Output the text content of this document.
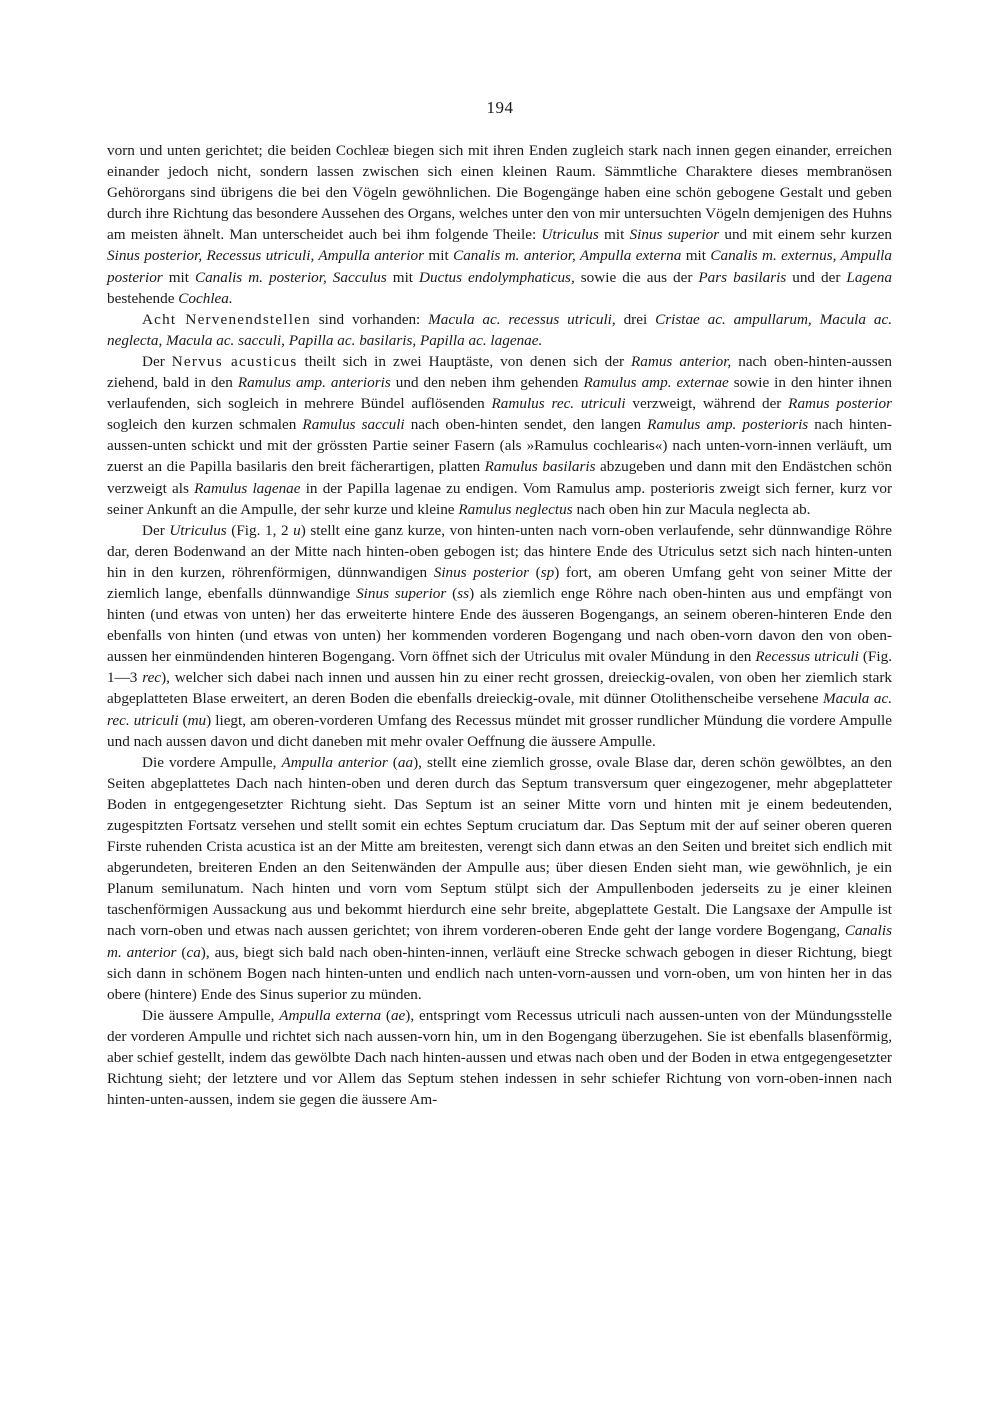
194

vorn und unten gerichtet; die beiden Cochleæ biegen sich mit ihren Enden zugleich stark nach innen gegen einander, erreichen einander jedoch nicht, sondern lassen zwischen sich einen kleinen Raum. Sämmtliche Charaktere dieses membranösen Gehörorgans sind übrigens die bei den Vögeln gewöhnlichen. Die Bogengänge haben eine schön gebogene Gestalt und geben durch ihre Richtung das besondere Aussehen des Organs, welches unter den von mir untersuchten Vögeln demjenigen des Huhns am meisten ähnelt. Man unterscheidet auch bei ihm folgende Theile: Utriculus mit Sinus superior und mit einem sehr kurzen Sinus posterior, Recessus utriculi, Ampulla anterior mit Canalis m. anterior, Ampulla externa mit Canalis m. externus, Ampulla posterior mit Canalis m. posterior, Sacculus mit Ductus endolymphaticus, sowie die aus der Pars basilaris und der Lagena bestehende Cochlea.

Acht Nervenendstellen sind vorhanden: Macula ac. recessus utriculi, drei Cristae ac. ampullarum, Macula ac. neglecta, Macula ac. sacculi, Papilla ac. basilaris, Papilla ac. lagenae.

Der Nervus acusticus theilt sich in zwei Hauptäste, von denen sich der Ramus anterior, nach oben-hinten-aussen ziehend, bald in den Ramulus amp. anterioris und den neben ihm gehenden Ramulus amp. externae sowie in den hinter ihnen verlaufenden, sich sogleich in mehrere Bündel auflösenden Ramulus rec. utriculi verzweigt, während der Ramus posterior sogleich den kurzen schmalen Ramulus sacculi nach oben-hinten sendet, den langen Ramulus amp. posterioris nach hinten-aussen-unten schickt und mit der grössten Partie seiner Fasern (als »Ramulus cochlearis«) nach unten-vorn-innen verläuft, um zuerst an die Papilla basilaris den breit fächerartigen, platten Ramulus basilaris abzugeben und dann mit den Endästchen schön verzweigt als Ramulus lagenae in der Papilla lagenae zu endigen. Vom Ramulus amp. posterioris zweigt sich ferner, kurz vor seiner Ankunft an die Ampulle, der sehr kurze und kleine Ramulus neglectus nach oben hin zur Macula neglecta ab.

Der Utriculus (Fig. 1, 2 u) stellt eine ganz kurze, von hinten-unten nach vorn-oben verlaufende, sehr dünnwandige Röhre dar, deren Bodenwand an der Mitte nach hinten-oben gebogen ist; das hintere Ende des Utriculus setzt sich nach hinten-unten hin in den kurzen, röhrenförmigen, dünnwandigen Sinus posterior (sp) fort, am oberen Umfang geht von seiner Mitte der ziemlich lange, ebenfalls dünnwandige Sinus superior (ss) als ziemlich enge Röhre nach oben-hinten aus und empfängt von hinten (und etwas von unten) her das erweiterte hintere Ende des äusseren Bogengangs, an seinem oberen-hinteren Ende den ebenfalls von hinten (und etwas von unten) her kommenden vorderen Bogengang und nach oben-vorn davon den von oben-aussen her einmündenden hinteren Bogengang. Vorn öffnet sich der Utriculus mit ovaler Mündung in den Recessus utriculi (Fig. 1—3 rec), welcher sich dabei nach innen und aussen hin zu einer recht grossen, dreieckig-ovalen, von oben her ziemlich stark abgeplatteten Blase erweitert, an deren Boden die ebenfalls dreieckig-ovale, mit dünner Otolithenscheibe versehene Macula ac. rec. utriculi (mu) liegt, am oberen-vorderen Umfang des Recessus mündet mit grosser rundlicher Mündung die vordere Ampulle und nach aussen davon und dicht daneben mit mehr ovaler Oeffnung die äussere Ampulle.

Die vordere Ampulle, Ampulla anterior (aa), stellt eine ziemlich grosse, ovale Blase dar, deren schön gewölbtes, an den Seiten abgeplattetes Dach nach hinten-oben und deren durch das Septum transversum quer eingezogener, mehr abgeplatteter Boden in entgegengesetzter Richtung sieht. Das Septum ist an seiner Mitte vorn und hinten mit je einem bedeutenden, zugespitzten Fortsatz versehen und stellt somit ein echtes Septum cruciatum dar. Das Septum mit der auf seiner oberen queren Firste ruhenden Crista acustica ist an der Mitte am breitesten, verengt sich dann etwas an den Seiten und breitet sich endlich mit abgerundeten, breiteren Enden an den Seitenwänden der Ampulle aus; über diesen Enden sieht man, wie gewöhnlich, je ein Planum semilunatum. Nach hinten und vorn vom Septum stülpt sich der Ampullenboden jederseits zu je einer kleinen taschenförmigen Aussackung aus und bekommt hierdurch eine sehr breite, abgeplattete Gestalt. Die Langsaxe der Ampulle ist nach vorn-oben und etwas nach aussen gerichtet; von ihrem vorderen-oberen Ende geht der lange vordere Bogengang, Canalis m. anterior (ca), aus, biegt sich bald nach oben-hinten-innen, verläuft eine Strecke schwach gebogen in dieser Richtung, biegt sich dann in schönem Bogen nach hinten-unten und endlich nach unten-vorn-aussen und vorn-oben, um von hinten her in das obere (hintere) Ende des Sinus superior zu münden.

Die äussere Ampulle, Ampulla externa (ae), entspringt vom Recessus utriculi nach aussen-unten von der Mündungsstelle der vorderen Ampulle und richtet sich nach aussen-vorn hin, um in den Bogengang überzugehen. Sie ist ebenfalls blasenförmig, aber schief gestellt, indem das gewölbte Dach nach hinten-aussen und etwas nach oben und der Boden in etwa entgegengesetzter Richtung sieht; der letztere und vor Allem das Septum stehen indessen in sehr schiefer Richtung von vorn-oben-innen nach hinten-unten-aussen, indem sie gegen die äussere Am-
